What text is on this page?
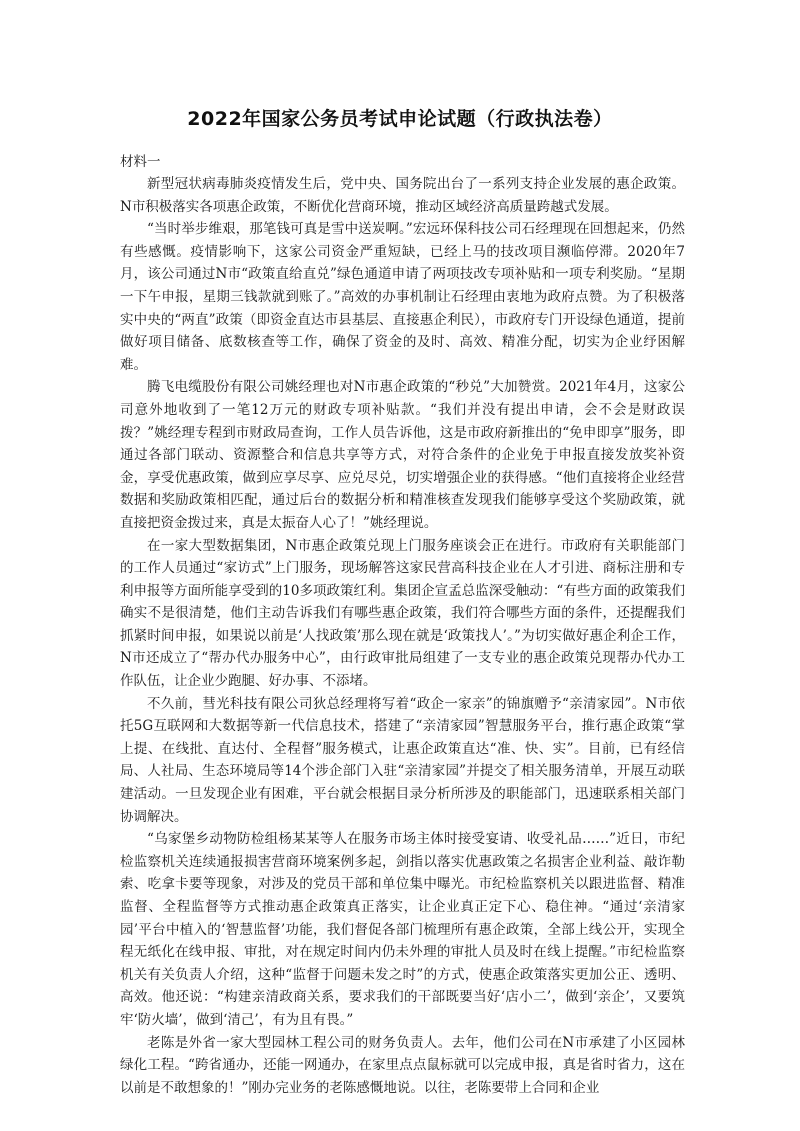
2022年国家公务员考试申论试题（行政执法卷）
材料一

新型冠状病毒肺炎疫情发生后，党中央、国务院出台了一系列支持企业发展的惠企政策。N市积极落实各项惠企政策，不断优化营商环境，推动区域经济高质量跨越式发展。

“当时举步维艰，那笔钱可真是雪中送炭啊。”宏远环保科技公司石经理现在回想起来，仍然有些感慨。疫情影响下，这家公司资金严重短缺，已经上马的技改项目濒临停滞。2020年7月，该公司通过N市“政策直给直兑”绿色通道申请了两项技改专项补贴和一项专利奖励。“星期一下午申报，星期三钱款就到账了。”高效的办事机制让石经理由衷地为政府点赞。为了积极落实中央的“两直”政策（即资金直达市县基层、直接惠企利民），市政府专门开设绿色通道，提前做好项目储备、底数核查等工作，确保了资金的及时、高效、精准分配，切实为企业纾困解难。

腾飞电缆股份有限公司姚经理也对N市惠企政策的“秒兑”大加赞赏。2021年4月，这家公司意外地收到了一笔12万元的财政专项补贴款。“我们并没有提出申请，会不会是财政误拨？”姚经理专程到市财政局查询，工作人员告诉他，这是市政府新推出的“免申即享”服务，即通过各部门联动、资源整合和信息共享等方式，对符合条件的企业免于申报直接发放奖补资金，享受优惠政策，做到应享尽享、应兑尽兑，切实增强企业的获得感。“他们直接将企业经营数据和奖励政策相匹配，通过后台的数据分析和精准核查发现我们能够享受这个奖励政策，就直接把资金拨过来，真是太振奋人心了！”姚经理说。

在一家大型数据集团，N市惠企政策兑现上门服务座谈会正在进行。市政府有关职能部门的工作人员通过“家访式”上门服务，现场解答这家民营高科技企业在人才引进、商标注册和专利申报等方面所能享受到的10多项政策红利。集团企宣孟总监深受触动：“有些方面的政策我们确实不是很清楚，他们主动告诉我们有哪些惠企政策，我们符合哪些方面的条件，还提醒我们抓紧时间申报，如果说以前是‘人找政策’那么现在就是‘政策找人’。”为切实做好惠企利企工作，N市还成立了“帮办代办服务中心”，由行政审批局组建了一支专业的惠企政策兑现帮办代办工作队伍，让企业少跑腿、好办事、不添堵。

不久前，彗光科技有限公司狄总经理将写着“政企一家亲”的锦旗赠予“亲清家园”。N市依托5G互联网和大数据等新一代信息技术，搭建了“亲清家园”智慧服务平台，推行惠企政策“掌上提、在线批、直达付、全程督”服务模式，让惠企政策直达“准、快、实”。目前，已有经信局、人社局、生态环境局等14个涉企部门入驻“亲清家园”并提交了相关服务清单，开展互动联建活动。一旦发现企业有困难，平台就会根据目录分析所涉及的职能部门，迅速联系相关部门协调解决。

“乌家堡乡动物防检组杨某某等人在服务市场主体时接受宴请、收受礼品……”近日，市纪检监察机关连续通报损害营商环境案例多起，剑指以落实优惠政策之名损害企业利益、敲诈勒索、吃拿卡要等现象，对涉及的党员干部和单位集中曝光。市纪检监察机关以跟进监督、精准监督、全程监督等方式推动惠企政策真正落实，让企业真正定下心、稳住神。“通过‘亲清家园’平台中植入的‘智慧监督’功能，我们督促各部门梳理所有惠企政策，全部上线公开，实现全程无纸化在线申报、审批，对在规定时间内仍未外理的审批人员及时在线上提醒。”市纪检监察机关有关负责人介绍，这种“监督于问题未发之时”的方式，使惠企政策落实更加公正、透明、高效。他还说：“构建亲清政商关系，要求我们的干部既要当好‘店小二’，做到‘亲企’，又要筑牢‘防火墙’，做到‘清己’，有为且有畏。”

老陈是外省一家大型园林工程公司的财务负责人。去年，他们公司在N市承建了小区园林绿化工程。“跨省通办，还能一网通办，在家里点点鼠标就可以完成申报，真是省时省力，这在以前是不敢想象的！”刚办完业务的老陈感慨地说。以往，老陈要带上合同和企业
